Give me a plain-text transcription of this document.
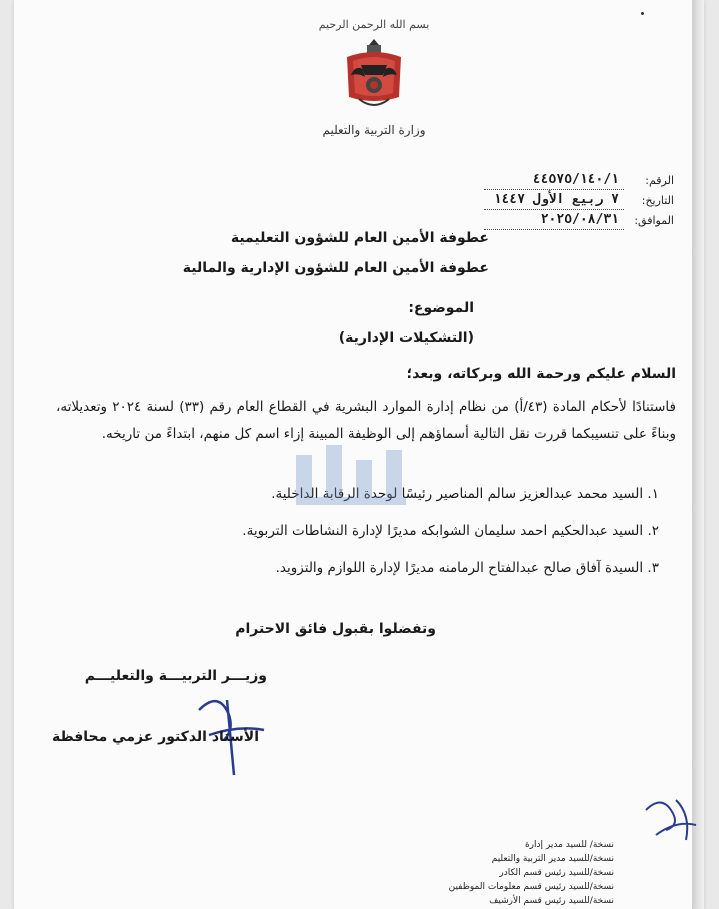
بسم الله الرحمن الرحيم
وزارة التربية والتعليم
الرقم:
٤٤٥٧٥/١٤٠/١
التاريخ:
٧ ربيع الأول ١٤٤٧
الموافق:
٢٠٢٥/٠٨/٣١
عطوفة الأمين العام للشؤون التعليمية
عطوفة الأمين العام للشؤون الإدارية والمالية
الموضوع:
(التشكيلات الإدارية)
السلام عليكم ورحمة الله وبركاته، وبعد؛
فاستنادًا لأحكام المادة (٤٣/أ) من نظام إدارة الموارد البشرية في القطاع العام رقم (٣٣) لسنة ٢٠٢٤ وتعديلاته، وبناءً على تنسيبكما قررت نقل التالية أسماؤهم إلى الوظيفة المبينة إزاء اسم كل منهم، ابتداءً من تاريخه.
١. السيد محمد عبدالعزيز سالم المناصير رئيسًا لوحدة الرقابة الداخلية.
٢. السيد عبدالحكيم احمد سليمان الشوابكه مديرًا لإدارة النشاطات التربوية.
٣. السيدة آفاق صالح عبدالفتاح الرمامنه مديرًا لإدارة اللوازم والتزويد.
وتفضلوا بقبول فائق الاحترام
وزيـــر التربيـــة والتعليـــم
الأستاذ الدكتور عزمي محافظة
نسخة/ للسيد مدير إدارة
نسخة/للسيد مدير التربية والتعليم
نسخة/للسيد رئيس قسم الكادر
نسخة/للسيد رئيس قسم معلومات الموظفين
نسخة/للسيد رئيس قسم الأرشيف
